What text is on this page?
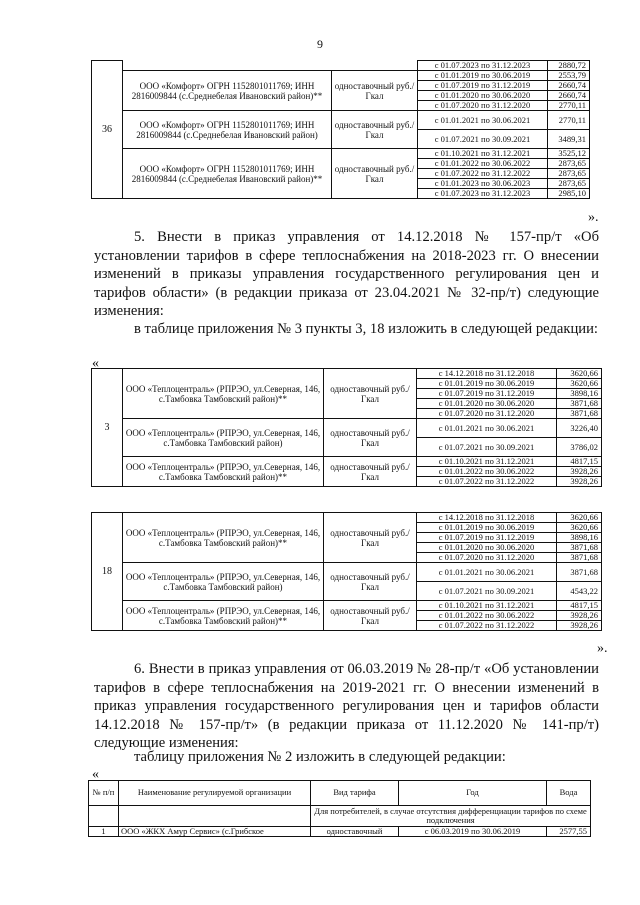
9
36			с 01.07.2023 по 31.12.2023	2880,72
	ООО «Комфорт» ОГРН 1152801011769; ИНН 2816009844 (с.Среднебелая Ивановский район)**	одноставочный руб./Гкал	с 01.01.2019 по 30.06.2019	2553,79
			с 01.07.2019 по 31.12.2019	2660,74
			с 01.01.2020 по 30.06.2020	2660,74
			с 01.07.2020 по 31.12.2020	2770,11
	ООО «Комфорт» ОГРН 1152801011769; ИНН 2816009844 (с.Среднебелая Ивановский район)	одноставочный руб./Гкал	с 01.01.2021 по 30.06.2021	2770,11
			с 01.07.2021 по 30.09.2021	3489,31
	ООО «Комфорт» ОГРН 1152801011769; ИНН 2816009844 (с.Среднебелая Ивановский район)**	одноставочный руб./Гкал	с 01.10.2021 по 31.12.2021	3525,12
			с 01.01.2022 по 30.06.2022	2873,65
			с 01.07.2022 по 31.12.2022	2873,65
			с 01.01.2023 по 30.06.2023	2873,65
			с 01.07.2023 по 31.12.2023	2985,10
».
5. Внести в приказ управления от 14.12.2018 № 157-пр/т «Об установлении тарифов в сфере теплоснабжения на 2018-2023 гг. О внесении изменений в приказы управления государственного регулирования цен и тарифов области» (в редакции приказа от 23.04.2021 № 32-пр/т) следующие изменения:
в таблице приложения № 3 пункты 3, 18 изложить в следующей редакции:
«
3	ООО «Теплоцентраль» (РПРЭО, ул.Северная, 146, с.Тамбовка Тамбовский район)**	одноставочный руб./Гкал	с 14.12.2018 по 31.12.2018	3620,66
			с 01.01.2019 по 30.06.2019	3620,66
			с 01.07.2019 по 31.12.2019	3898,16
			с 01.01.2020 по 30.06.2020	3871,68
			с 01.07.2020 по 31.12.2020	3871,68
	ООО «Теплоцентраль» (РПРЭО, ул.Северная, 146, с.Тамбовка Тамбовский район)	одноставочный руб./Гкал	с 01.01.2021 по 30.06.2021	3226,40
			с 01.07.2021 по 30.09.2021	3786,02
	ООО «Теплоцентраль» (РПРЭО, ул.Северная, 146, с.Тамбовка Тамбовский район)**	одноставочный руб./Гкал	с 01.10.2021 по 31.12.2021	4817,15
			с 01.01.2022 по 30.06.2022	3928,26
			с 01.07.2022 по 31.12.2022	3928,26
18	ООО «Теплоцентраль» (РПРЭО, ул.Северная, 146, с.Тамбовка Тамбовский район)**	одноставочный руб./Гкал	с 14.12.2018 по 31.12.2018	3620,66
			с 01.01.2019 по 30.06.2019	3620,66
			с 01.07.2019 по 31.12.2019	3898,16
			с 01.01.2020 по 30.06.2020	3871,68
			с 01.07.2020 по 31.12.2020	3871,68
	ООО «Теплоцентраль» (РПРЭО, ул.Северная, 146, с.Тамбовка Тамбовский район)	одноставочный руб./Гкал	с 01.01.2021 по 30.06.2021	3871,68
			с 01.07.2021 по 30.09.2021	4543,22
	ООО «Теплоцентраль» (РПРЭО, ул.Северная, 146, с.Тамбовка Тамбовский район)**	одноставочный руб./Гкал	с 01.10.2021 по 31.12.2021	4817,15
			с 01.01.2022 по 30.06.2022	3928,26
			с 01.07.2022 по 31.12.2022	3928,26
».
6. Внести в приказ управления от 06.03.2019 № 28-пр/т «Об установлении тарифов в сфере теплоснабжения на 2019-2021 гг. О внесении изменений в приказ управления государственного регулирования цен и тарифов области 14.12.2018 № 157-пр/т» (в редакции приказа от 11.12.2020 № 141-пр/т) следующие изменения:
таблицу приложения № 2 изложить в следующей редакции:
«
№ п/п	Наименование регулируемой организации	Вид тарифа	Год	Вода
		Для потребителей, в случае отсутствия дифференциации тарифов по схеме подключения		
1	ООО «ЖКХ Амур Сервис» (с.Грибское	одноставочный	с 06.03.2019 по 30.06.2019	2577,55
